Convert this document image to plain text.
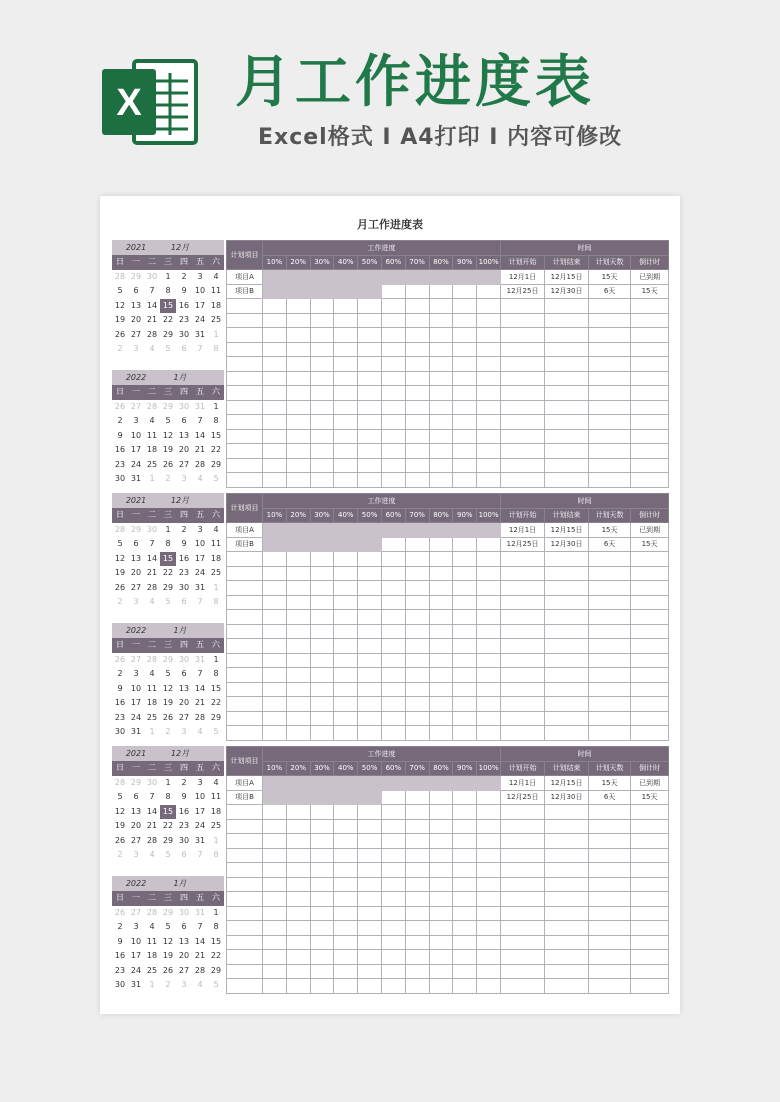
X 月工作进度表
Excel格式 I A4打印 I 内容可修改
月工作进度表
2021	12月
日	一	二	三	四	五	六
28 29 30	1	2	3	4
5	6	7	8	9	10 11
12 13 14 15 16 17 18
19 20 21 22 23 24 25
26 27 28 29 30 31	1
2	3	4	5	6	7	8
2022	1月
日	一	二	三	四	五	六
26 27 28 29 30 31	1
2	3	4	5	6	7	8
9	10 11 12 13 14 15
16 17 18 19 20 21 22
23 24 25 26 27 28 29
30 31	1	2	3	4	5
计划项目	工作进度										时间			
	10%	20%	30%	40%	50%	60%	70%	80%	90%	100%	计划开始	计划结束	计划天数	倒计时
项目A											12月1日	12月15日	15天	已到期
项目B											12月25日	12月30日	6天	15天

2021	12月
日	一	二	三	四	五	六
28 29 30	1	2	3	4
5	6	7	8	9	10 11
12 13 14 15 16 17 18
19 20 21 22 23 24 25
26 27 28 29 30 31	1
2	3	4	5	6	7	8
2022	1月
日	一	二	三	四	五	六
26 27 28 29 30 31	1
2	3	4	5	6	7	8
9	10 11 12 13 14 15
16 17 18 19 20 21 22
23 24 25 26 27 28 29
30 31	1	2	3	4	5
计划项目	工作进度										时间			
	10%	20%	30%	40%	50%	60%	70%	80%	90%	100%	计划开始	计划结束	计划天数	倒计时
项目A											12月1日	12月15日	15天	已到期
项目B											12月25日	12月30日	6天	15天

2021	12月
日	一	二	三	四	五	六
28 29 30	1	2	3	4
5	6	7	8	9	10 11
12 13 14 15 16 17 18
19 20 21 22 23 24 25
26 27 28 29 30 31	1
2	3	4	5	6	7	8
2022	1月
日	一	二	三	四	五	六
26 27 28 29 30 31	1
2	3	4	5	6	7	8
9	10 11 12 13 14 15
16 17 18 19 20 21 22
23 24 25 26 27 28 29
30 31	1	2	3	4	5
计划项目	工作进度										时间			
	10%	20%	30%	40%	50%	60%	70%	80%	90%	100%	计划开始	计划结束	计划天数	倒计时
项目A											12月1日	12月15日	15天	已到期
项目B											12月25日	12月30日	6天	15天
